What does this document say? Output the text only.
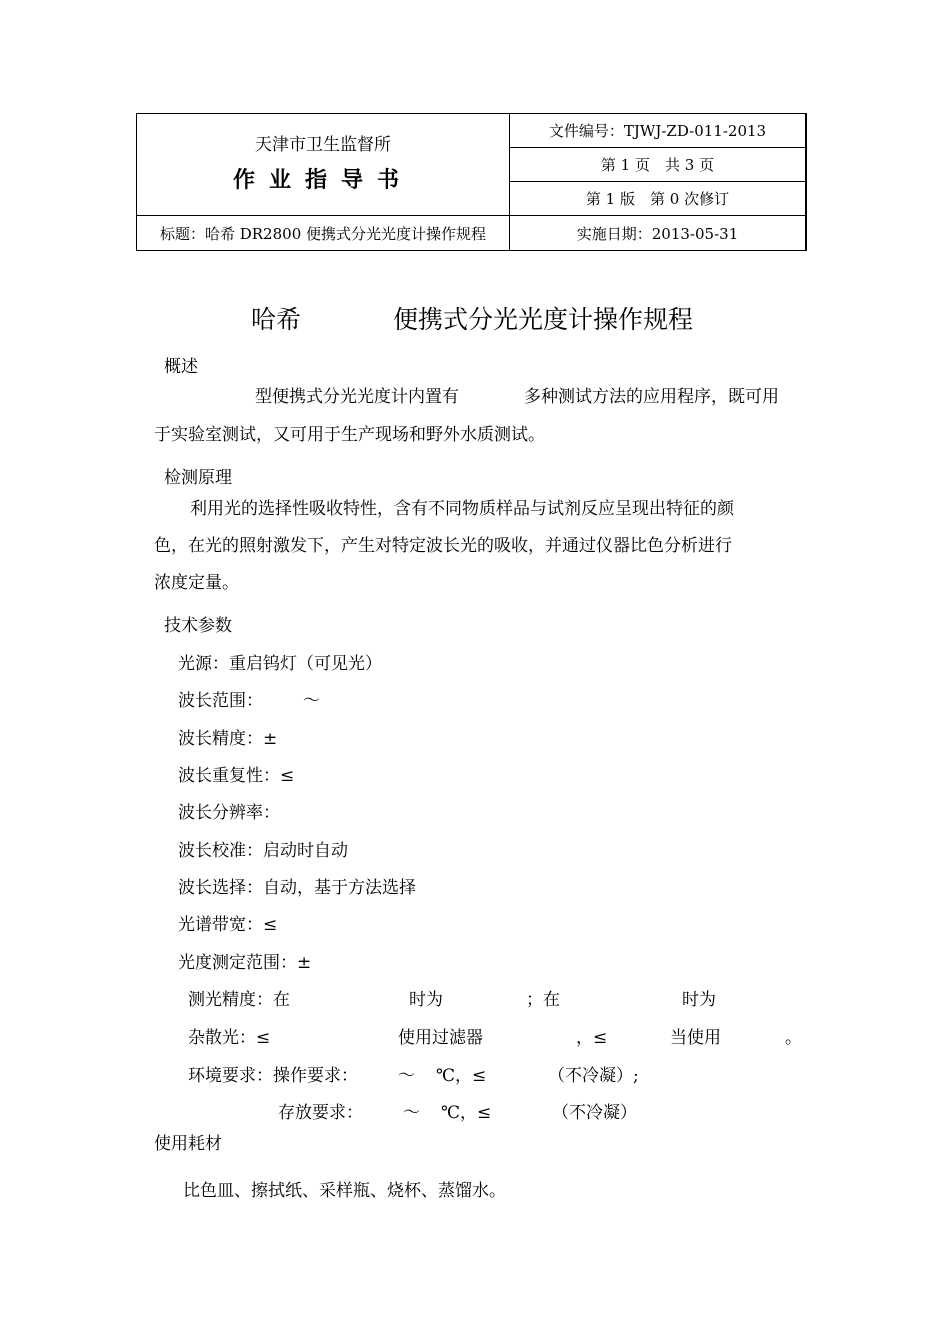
天津市卫生监督所
作业指导书	文件编号：TJWJ-ZD-011-2013
	第 1 页　共 3 页
	第 1 版　第 0 次修订
标题：哈希 DR2800 便携式分光光度计操作规程	实施日期：2013-05-31
哈希	便携式分光光度计操作规程
概述
型便携式分光光度计内置有	多种测试方法的应用程序，既可用
于实验室测试，又可用于生产现场和野外水质测试。
检测原理
利用光的选择性吸收特性，含有不同物质样品与试剂反应呈现出特征的颜
色，在光的照射激发下，产生对特定波长光的吸收，并通过仪器比色分析进行
浓度定量。
技术参数
光源：重启钨灯（可见光）
波长范围： ～
波长精度：±
波长重复性：≤
波长分辨率：
波长校准：启动时自动
波长选择：自动，基于方法选择
光谱带宽：≤
光度测定范围：±
测光精度：在	时为	；在	时为
杂散光：≤	使用过滤器	，≤	当使用	。
环境要求：操作要求： ～ ℃，≤	（不冷凝）;
存放要求： ～ ℃，≤	（不冷凝）
使用耗材
比色皿、擦拭纸、采样瓶、烧杯、蒸馏水。
